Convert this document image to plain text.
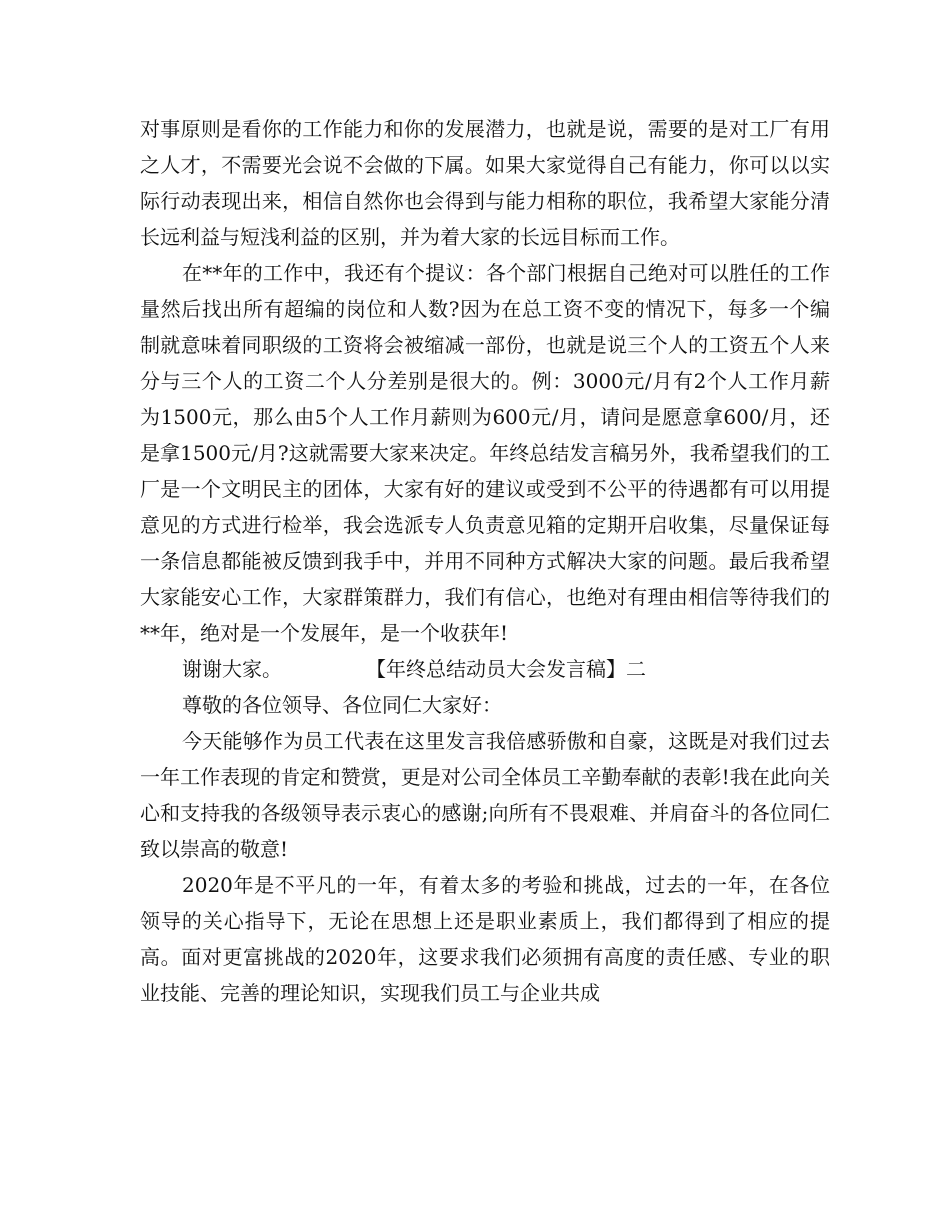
对事原则是看你的工作能力和你的发展潜力，也就是说，需要的是对工厂有用之人才，不需要光会说不会做的下属。如果大家觉得自己有能力，你可以以实际行动表现出来，相信自然你也会得到与能力相称的职位，我希望大家能分清长远利益与短浅利益的区别，并为着大家的长远目标而工作。

在**年的工作中，我还有个提议：各个部门根据自己绝对可以胜任的工作量然后找出所有超编的岗位和人数?因为在总工资不变的情况下，每多一个编制就意味着同职级的工资将会被缩减一部份，也就是说三个人的工资五个人来分与三个人的工资二个人分差别是很大的。例：3000元/月有2个人工作月薪为1500元，那么由5个人工作月薪则为600元/月，请问是愿意拿600/月，还是拿1500元/月?这就需要大家来决定。年终总结发言稿另外，我希望我们的工厂是一个文明民主的团体，大家有好的建议或受到不公平的待遇都有可以用提意见的方式进行检举，我会选派专人负责意见箱的定期开启收集，尽量保证每一条信息都能被反馈到我手中，并用不同种方式解决大家的问题。最后我希望大家能安心工作，大家群策群力，我们有信心，也绝对有理由相信等待我们的**年，绝对是一个发展年，是一个收获年!

谢谢大家。	【年终总结动员大会发言稿】二

尊敬的各位领导、各位同仁大家好：

今天能够作为员工代表在这里发言我倍感骄傲和自豪，这既是对我们过去一年工作表现的肯定和赞赏，更是对公司全体员工辛勤奉献的表彰!我在此向关心和支持我的各级领导表示衷心的感谢;向所有不畏艰难、并肩奋斗的各位同仁致以崇高的敬意!

2020年是不平凡的一年，有着太多的考验和挑战，过去的一年，在各位领导的关心指导下，无论在思想上还是职业素质上，我们都得到了相应的提高。面对更富挑战的2020年，这要求我们必须拥有高度的责任感、专业的职业技能、完善的理论知识，实现我们员工与企业共成
